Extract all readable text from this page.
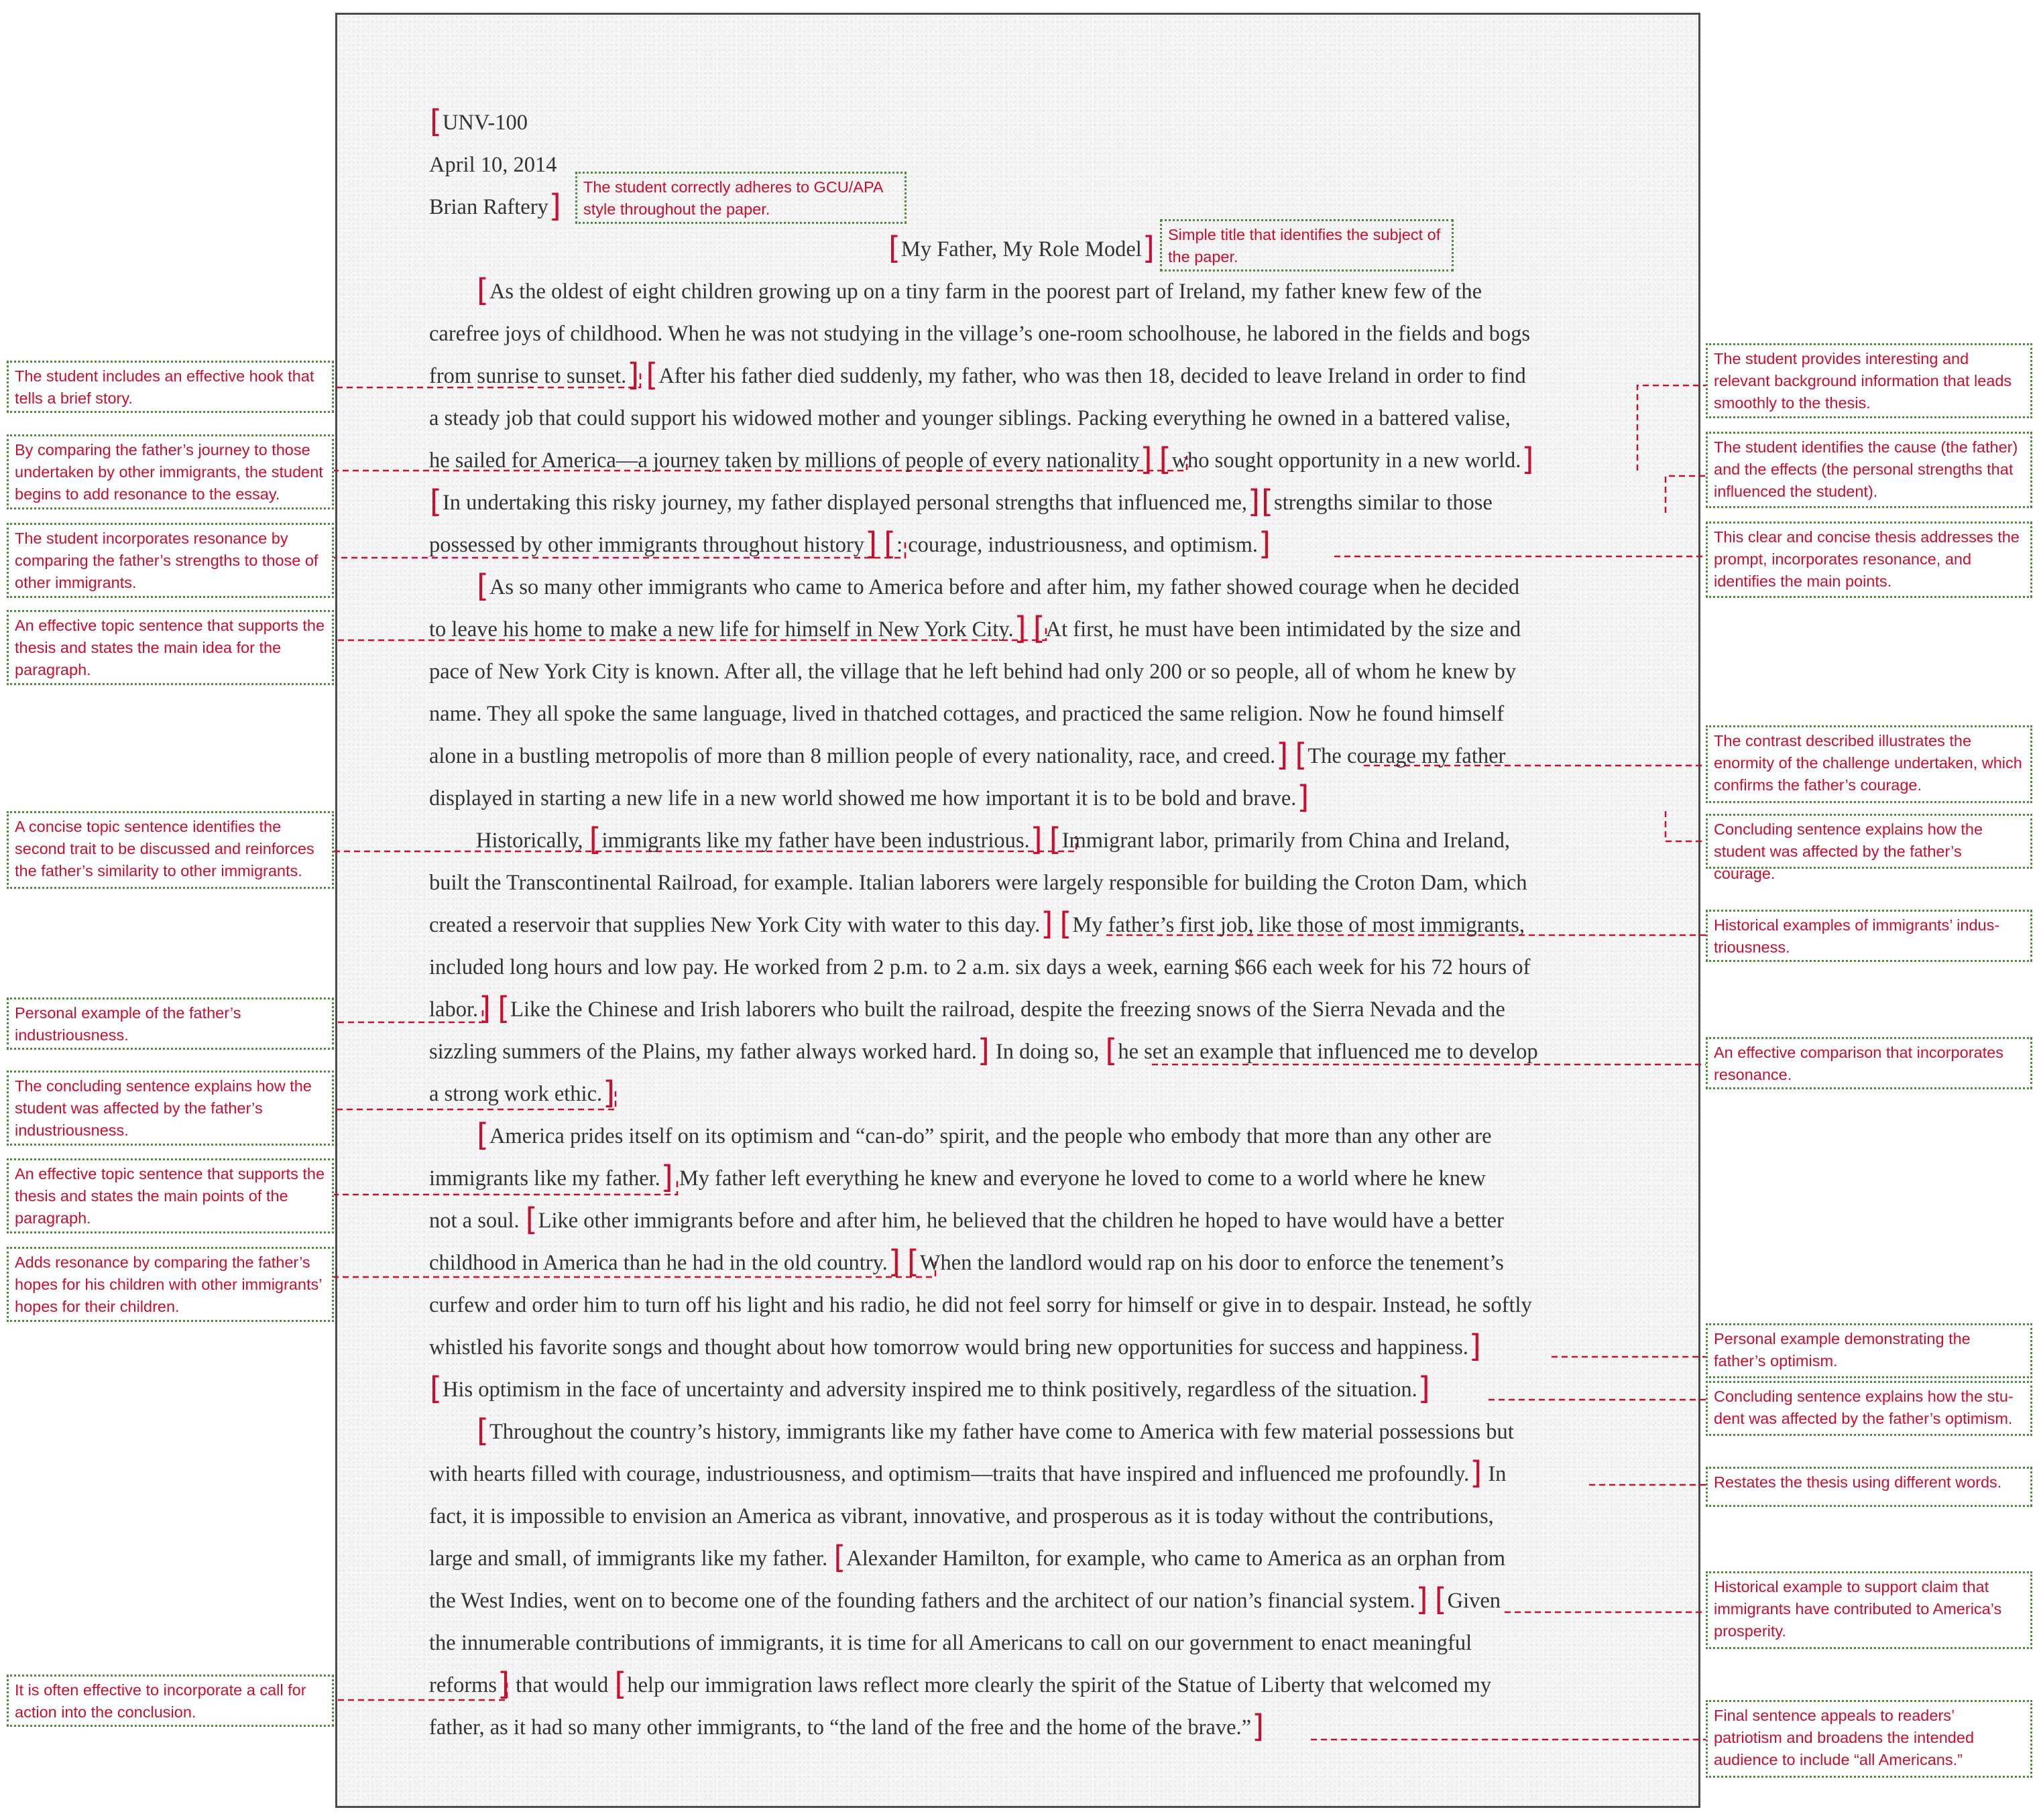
[UNV-100
April 10, 2014
Brian Raftery]
[My Father, My Role Model]
[As the oldest of eight children growing up on a tiny farm in the poorest part of Ireland, my father knew few of the
carefree joys of childhood. When he was not studying in the village’s one-room schoolhouse, he labored in the fields and bogs
from sunrise to sunset.] [After his father died suddenly, my father, who was then 18, decided to leave Ireland in order to find
a steady job that could support his widowed mother and younger siblings. Packing everything he owned in a battered valise,
he sailed for America—a journey taken by millions of people of every nationality] [who sought opportunity in a new world.]
[In undertaking this risky journey, my father displayed personal strengths that influenced me,][strengths similar to those
possessed by other immigrants throughout history] [: courage, industriousness, and optimism.]
[As so many other immigrants who came to America before and after him, my father showed courage when he decided
to leave his home to make a new life for himself in New York City.] [At first, he must have been intimidated by the size and
pace of New York City is known. After all, the village that he left behind had only 200 or so people, all of whom he knew by
name. They all spoke the same language, lived in thatched cottages, and practiced the same religion. Now he found himself
alone in a bustling metropolis of more than 8 million people of every nationality, race, and creed.] [The courage my father
displayed in starting a new life in a new world showed me how important it is to be bold and brave.]
Historically, [immigrants like my father have been industrious.] [Immigrant labor, primarily from China and Ireland,
built the Transcontinental Railroad, for example. Italian laborers were largely responsible for building the Croton Dam, which
created a reservoir that supplies New York City with water to this day.] [My father’s first job, like those of most immigrants,
included long hours and low pay. He worked from 2 p.m. to 2 a.m. six days a week, earning $66 each week for his 72 hours of
labor.] [Like the Chinese and Irish laborers who built the railroad, despite the freezing snows of the Sierra Nevada and the
sizzling summers of the Plains, my father always worked hard.] In doing so, [he set an example that influenced me to develop
a strong work ethic.]
[America prides itself on its optimism and “can-do” spirit, and the people who embody that more than any other are
immigrants like my father.] My father left everything he knew and everyone he loved to come to a world where he knew
not a soul. [Like other immigrants before and after him, he believed that the children he hoped to have would have a better
childhood in America than he had in the old country.] [When the landlord would rap on his door to enforce the tenement’s
curfew and order him to turn off his light and his radio, he did not feel sorry for himself or give in to despair. Instead, he softly
whistled his favorite songs and thought about how tomorrow would bring new opportunities for success and happiness.]
[His optimism in the face of uncertainty and adversity inspired me to think positively, regardless of the situation.]
[Throughout the country’s history, immigrants like my father have come to America with few material possessions but
with hearts filled with courage, industriousness, and optimism—traits that have inspired and influenced me profoundly.] In
fact, it is impossible to envision an America as vibrant, innovative, and prosperous as it is today without the contributions,
large and small, of immigrants like my father. [Alexander Hamilton, for example, who came to America as an orphan from
the West Indies, went on to become one of the founding fathers and the architect of our nation’s financial system.] [Given
the innumerable contributions of immigrants, it is time for all Americans to call on our government to enact meaningful
reforms] that would [help our immigration laws reflect more clearly the spirit of the Statue of Liberty that welcomed my
father, as it had so many other immigrants, to “the land of the free and the home of the brave.”]
The student correctly adheres to GCU/APA style throughout the paper.
Simple title that identifies the subject of the paper.
The student includes an effective hook that tells a brief story.
By comparing the father’s journey to those undertaken by other immigrants, the student begins to add resonance to the essay.
The student incorporates resonance by comparing the father’s strengths to those of other immigrants.
An effective topic sentence that supports the thesis and states the main idea for the paragraph.
A concise topic sentence identifies the second trait to be discussed and reinforces the father’s similarity to other immigrants.
Personal example of the father’s industriousness.
The concluding sentence explains how the student was affected by the father’s industriousness.
An effective topic sentence that supports the thesis and states the main points of the paragraph.
Adds resonance by comparing the father’s hopes for his children with other immigrants’ hopes for their children.
It is often effective to incorporate a call for action into the conclusion.
The student provides interesting and relevant background information that leads smoothly to the thesis.
The student identifies the cause (the father) and the effects (the personal strengths that influenced the student).
This clear and concise thesis addresses the prompt, incorporates resonance, and identifies the main points.
The contrast described illustrates the enormity of the challenge undertaken, which confirms the father’s courage.
Concluding sentence explains how the student was affected by the father’s courage.
Historical examples of immigrants’ indus-triousness.
An effective comparison that incorporates resonance.
Personal example demonstrating the father’s optimism.
Concluding sentence explains how the stu-dent was affected by the father’s optimism.
Restates the thesis using different words.
Historical example to support claim that immigrants have contributed to America’s prosperity.
Final sentence appeals to readers’ patriotism and broadens the intended audience to include “all Americans.”
